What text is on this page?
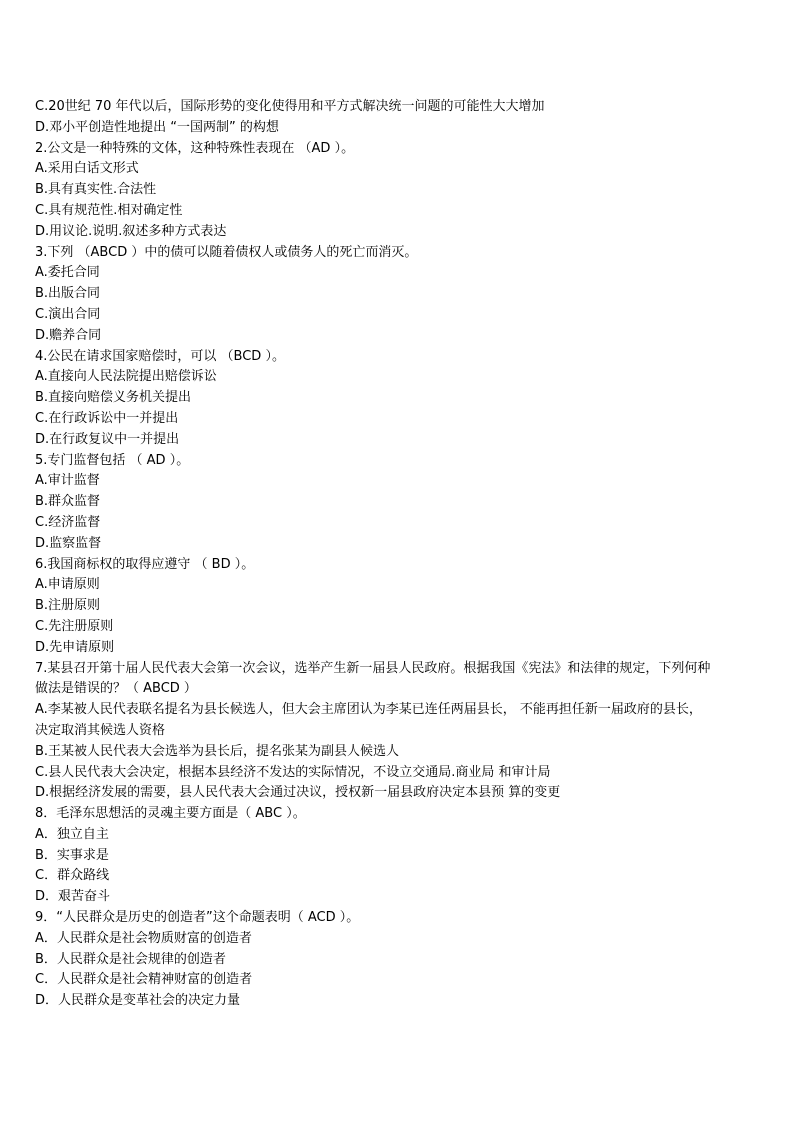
C.20世纪 70 年代以后，国际形势的变化使得用和平方式解决统一问题的可能性大大增加
D.邓小平创造性地提出 “一国两制” 的构想
2.公文是一种特殊的文体，这种特殊性表现在 （AD ）。
A.采用白话文形式
B.具有真实性.合法性
C.具有规范性.相对确定性
D.用议论.说明.叙述多种方式表达
3.下列 （ABCD ）中的债可以随着债权人或债务人的死亡而消灭。
A.委托合同
B.出版合同
C.演出合同
D.赡养合同
4.公民在请求国家赔偿时，可以 （BCD ）。
A.直接向人民法院提出赔偿诉讼
B.直接向赔偿义务机关提出
C.在行政诉讼中一并提出
D.在行政复议中一并提出
5.专门监督包括 （ AD ）。
A.审计监督
B.群众监督
C.经济监督
D.监察监督
6.我国商标权的取得应遵守 （ BD ）。
A.申请原则
B.注册原则
C.先注册原则
D.先申请原则
7.某县召开第十届人民代表大会第一次会议，选举产生新一届县人民政府。根据我国《宪法》和法律的规定，下列何种
做法是错误的？（ ABCD ）
A.李某被人民代表联名提名为县长候选人，但大会主席团认为李某已连任两届县长， 不能再担任新一届政府的县长，
决定取消其候选人资格
B.王某被人民代表大会选举为县长后，提名张某为副县人候选人
C.县人民代表大会决定，根据本县经济不发达的实际情况，不设立交通局.商业局 和审计局
D.根据经济发展的需要，县人民代表大会通过决议，授权新一届县政府决定本县预 算的变更
8．毛泽东思想活的灵魂主要方面是（ ABC ）。
A．独立自主
B．实事求是
C．群众路线
D．艰苦奋斗
9．“人民群众是历史的创造者”这个命题表明（ ACD ）。
A．人民群众是社会物质财富的创造者
B．人民群众是社会规律的创造者
C．人民群众是社会精神财富的创造者
D．人民群众是变革社会的决定力量
